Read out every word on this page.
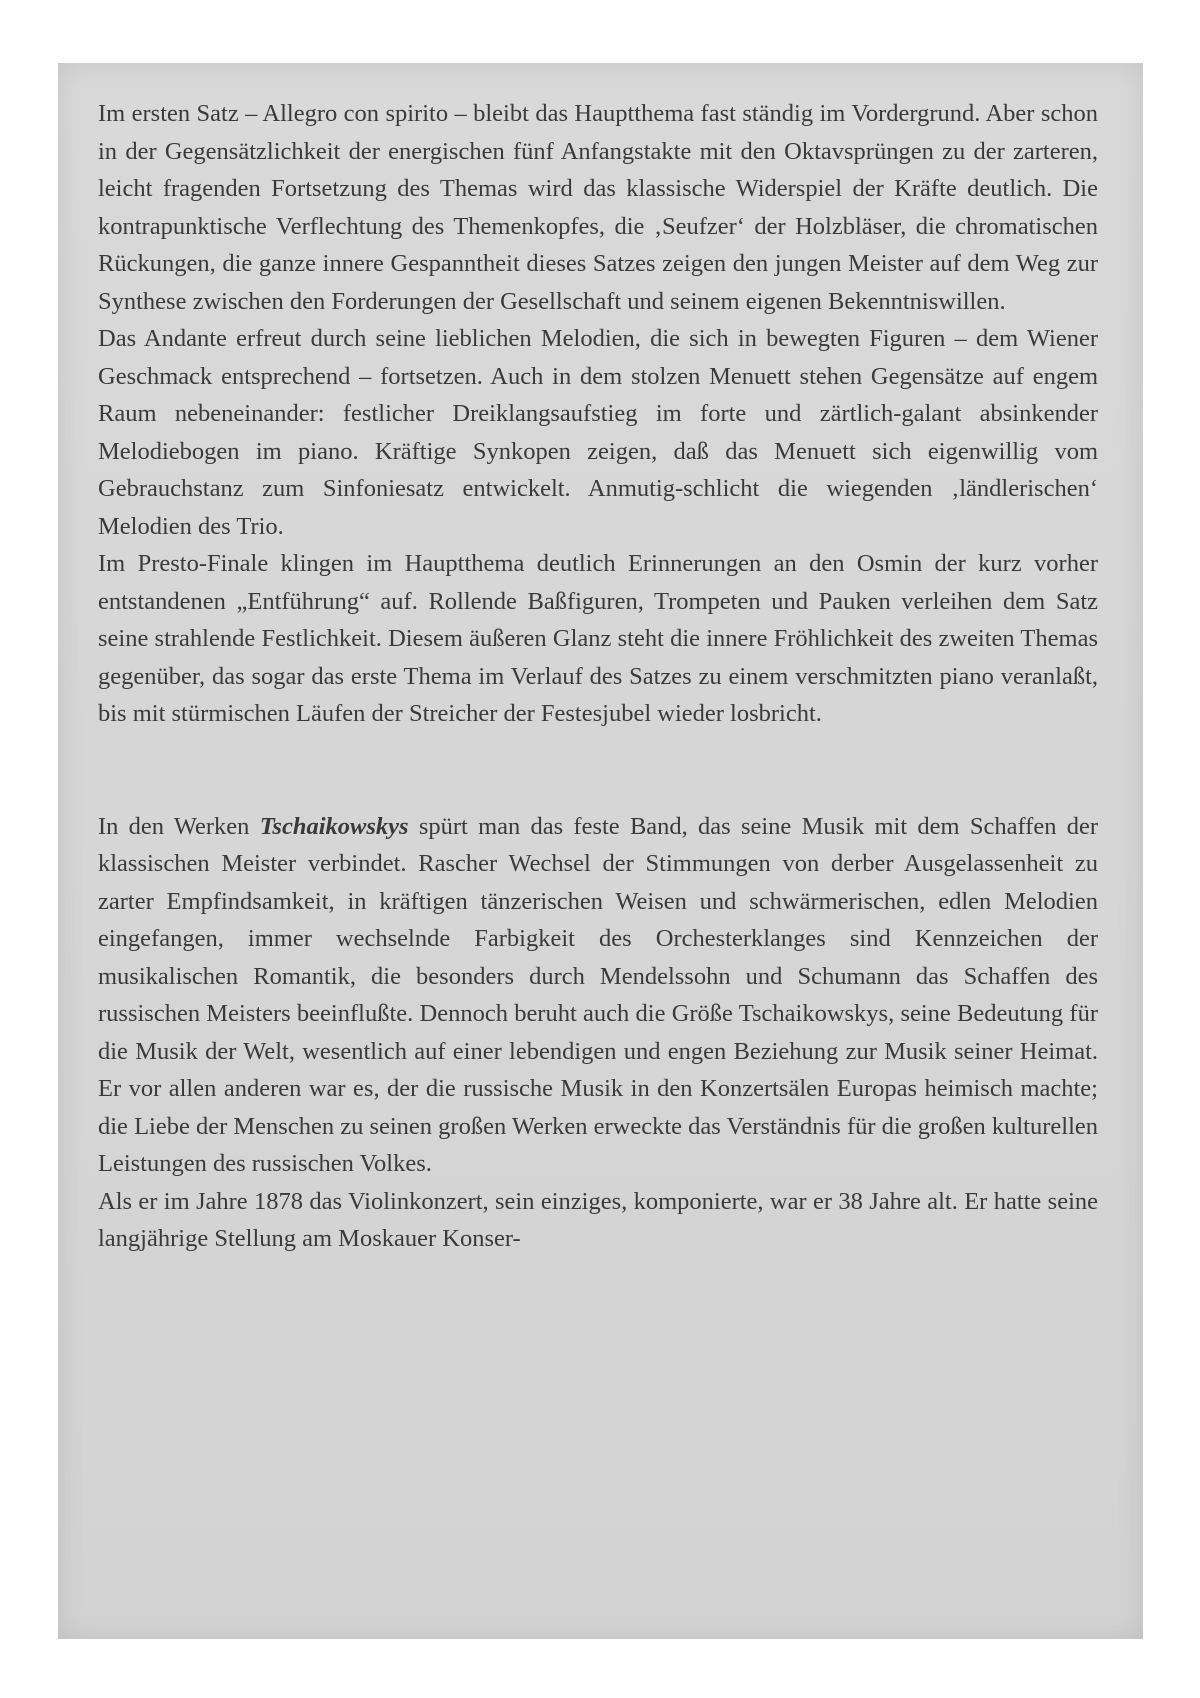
Im ersten Satz – Allegro con spirito – bleibt das Hauptthema fast ständig im Vordergrund. Aber schon in der Gegensätzlichkeit der energischen fünf Anfangstakte mit den Oktavsprüngen zu der zarteren, leicht fragenden Fortsetzung des Themas wird das klassische Widerspiel der Kräfte deutlich. Die kontrapunktische Verflechtung des Themenkopfes, die ‚Seufzer‘ der Holzbläser, die chromatischen Rückungen, die ganze innere Gespanntheit dieses Satzes zeigen den jungen Meister auf dem Weg zur Synthese zwischen den Forderungen der Gesellschaft und seinem eigenen Bekenntniswillen.

Das Andante erfreut durch seine lieblichen Melodien, die sich in bewegten Figuren – dem Wiener Geschmack entsprechend – fortsetzen. Auch in dem stolzen Menuett stehen Gegensätze auf engem Raum nebeneinander: festlicher Dreiklangsaufstieg im forte und zärtlich-galant absinkender Melodiebogen im piano. Kräftige Synkopen zeigen, daß das Menuett sich eigenwillig vom Gebrauchstanz zum Sinfoniesatz entwickelt. Anmutig-schlicht die wiegenden ‚ländlerischen‘ Melodien des Trio.

Im Presto-Finale klingen im Hauptthema deutlich Erinnerungen an den Osmin der kurz vorher entstandenen „Entführung“ auf. Rollende Baßfiguren, Trompeten und Pauken verleihen dem Satz seine strahlende Festlichkeit. Diesem äußeren Glanz steht die innere Fröhlichkeit des zweiten Themas gegenüber, das sogar das erste Thema im Verlauf des Satzes zu einem verschmitzten piano veranlaßt, bis mit stürmischen Läufen der Streicher der Festesjubel wieder losbricht.

In den Werken Tschaikowskys spürt man das feste Band, das seine Musik mit dem Schaffen der klassischen Meister verbindet. Rascher Wechsel der Stimmungen von derber Ausgelassenheit zu zarter Empfindsamkeit, in kräftigen tänzerischen Weisen und schwärmerischen, edlen Melodien eingefangen, immer wechselnde Farbigkeit des Orchesterklanges sind Kennzeichen der musikalischen Romantik, die besonders durch Mendelssohn und Schumann das Schaffen des russischen Meisters beeinflußte. Dennoch beruht auch die Größe Tschaikowskys, seine Bedeutung für die Musik der Welt, wesentlich auf einer lebendigen und engen Beziehung zur Musik seiner Heimat. Er vor allen anderen war es, der die russische Musik in den Konzertsälen Europas heimisch machte; die Liebe der Menschen zu seinen großen Werken erweckte das Verständnis für die großen kulturellen Leistungen des russischen Volkes.

Als er im Jahre 1878 das Violinkonzert, sein einziges, komponierte, war er 38 Jahre alt. Er hatte seine langjährige Stellung am Moskauer Konser-
